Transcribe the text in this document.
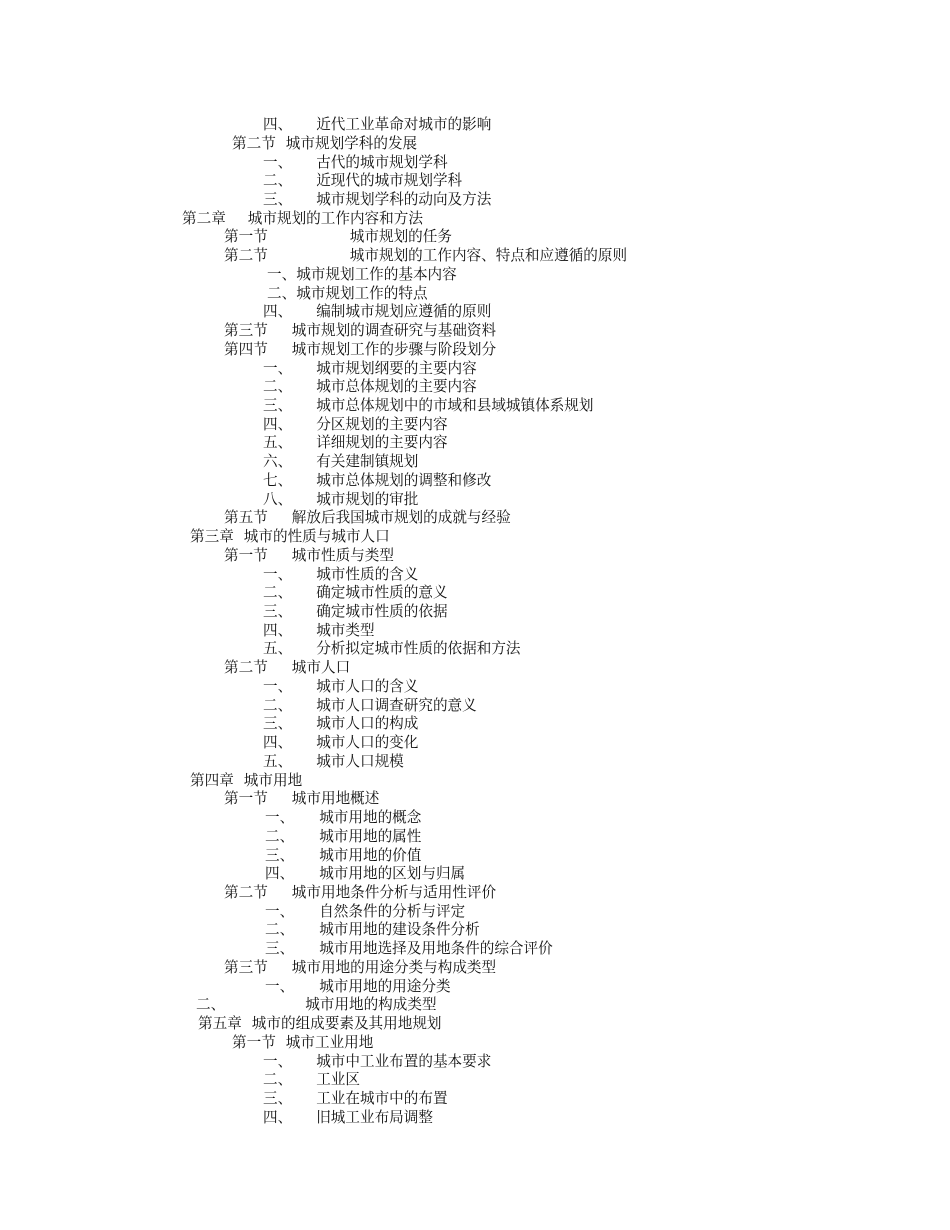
四、 近代工业革命对城市的影响
第二节 城市规划学科的发展
一、 古代的城市规划学科
二、 近现代的城市规划学科
三、 城市规划学科的动向及方法
第二章 城市规划的工作内容和方法
第一节	城市规划的任务
第二节	城市规划的工作内容、特点和应遵循的原则
一、城市规划工作的基本内容
二、城市规划工作的特点
四、 编制城市规划应遵循的原则
第三节 城市规划的调查研究与基础资料
第四节 城市规划工作的步骤与阶段划分
一、 城市规划纲要的主要内容
二、 城市总体规划的主要内容
三、 城市总体规划中的市域和县域城镇体系规划
四、 分区规划的主要内容
五、 详细规划的主要内容
六、 有关建制镇规划
七、 城市总体规划的调整和修改
八、 城市规划的审批
第五节 解放后我国城市规划的成就与经验
第三章 城市的性质与城市人口
第一节 城市性质与类型
一、 城市性质的含义
二、 确定城市性质的意义
三、 确定城市性质的依据
四、 城市类型
五、 分析拟定城市性质的依据和方法
第二节 城市人口
一、 城市人口的含义
二、 城市人口调查研究的意义
三、 城市人口的构成
四、 城市人口的变化
五、 城市人口规模
第四章 城市用地
第一节 城市用地概述
一、 城市用地的概念
二、 城市用地的属性
三、 城市用地的价值
四、 城市用地的区划与归属
第二节 城市用地条件分析与适用性评价
一、 自然条件的分析与评定
二、 城市用地的建设条件分析
三、 城市用地选择及用地条件的综合评价
第三节 城市用地的用途分类与构成类型
一、 城市用地的用途分类
二、	城市用地的构成类型
第五章 城市的组成要素及其用地规划
第一节 城市工业用地
一、 城市中工业布置的基本要求
二、 工业区
三、 工业在城市中的布置
四、 旧城工业布局调整
